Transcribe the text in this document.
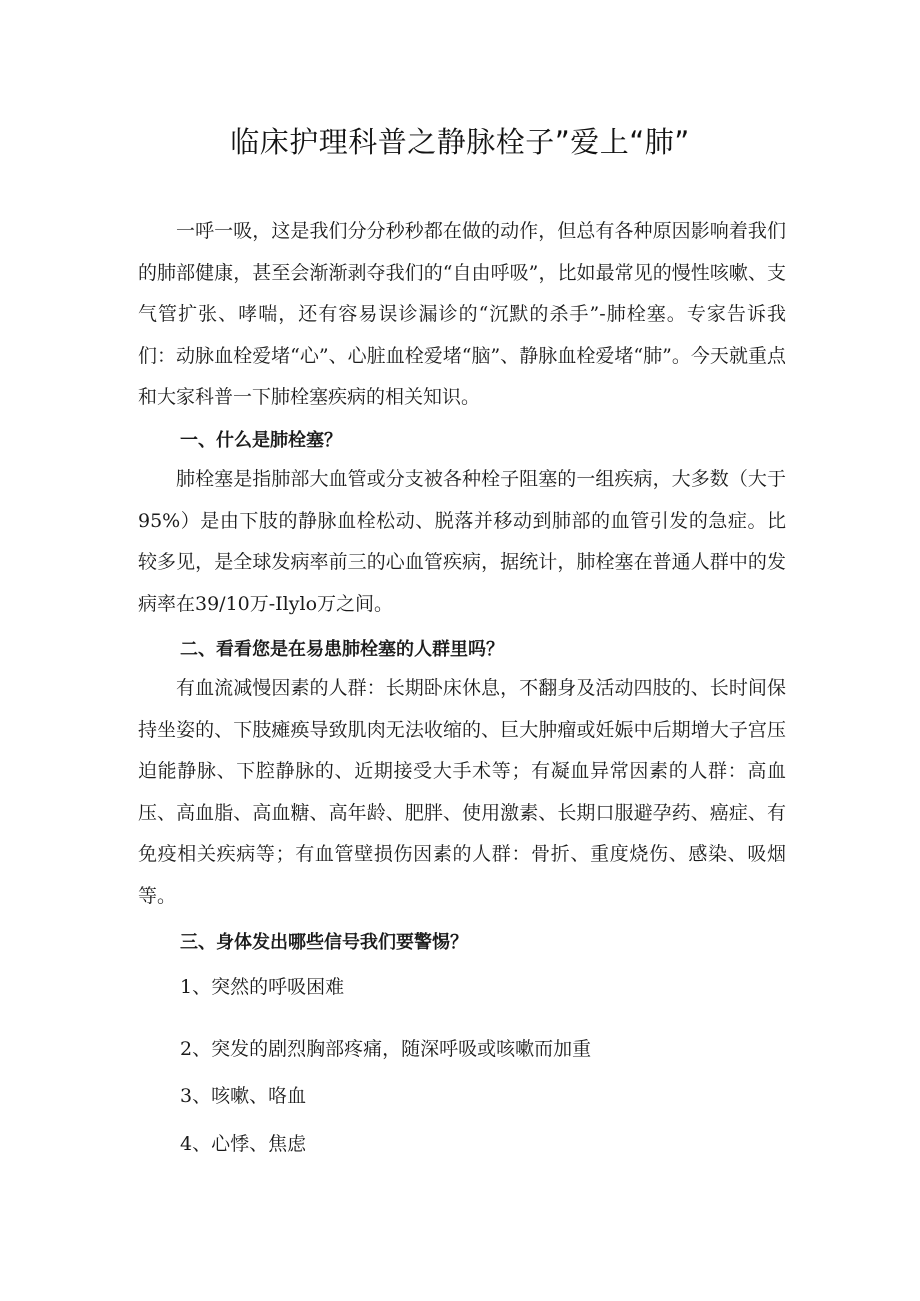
临床护理科普之静脉栓子”爱上“肺”

一呼一吸，这是我们分分秒秒都在做的动作，但总有各种原因影响着我们的肺部健康，甚至会渐渐剥夺我们的“自由呼吸”，比如最常见的慢性咳嗽、支气管扩张、哮喘，还有容易误诊漏诊的“沉默的杀手”-肺栓塞。专家告诉我们：动脉血栓爱堵“心”、心脏血栓爱堵“脑”、静脉血栓爱堵“肺”。今天就重点和大家科普一下肺栓塞疾病的相关知识。

一、什么是肺栓塞？

肺栓塞是指肺部大血管或分支被各种栓子阻塞的一组疾病，大多数（大于95%）是由下肢的静脉血栓松动、脱落并移动到肺部的血管引发的急症。比较多见，是全球发病率前三的心血管疾病，据统计，肺栓塞在普通人群中的发病率在39/10万-Ilylo万之间。

二、看看您是在易患肺栓塞的人群里吗？

有血流减慢因素的人群：长期卧床休息，不翻身及活动四肢的、长时间保持坐姿的、下肢瘫痪导致肌肉无法收缩的、巨大肿瘤或妊娠中后期增大子宫压迫能静脉、下腔静脉的、近期接受大手术等；有凝血异常因素的人群：高血压、高血脂、高血糖、高年龄、肥胖、使用激素、长期口服避孕药、癌症、有免疫相关疾病等；有血管壁损伤因素的人群：骨折、重度烧伤、感染、吸烟等。

三、身体发出哪些信号我们要警惕？
1、突然的呼吸困难
2、突发的剧烈胸部疼痛，随深呼吸或咳嗽而加重
3、咳嗽、咯血
4、心悸、焦虑
